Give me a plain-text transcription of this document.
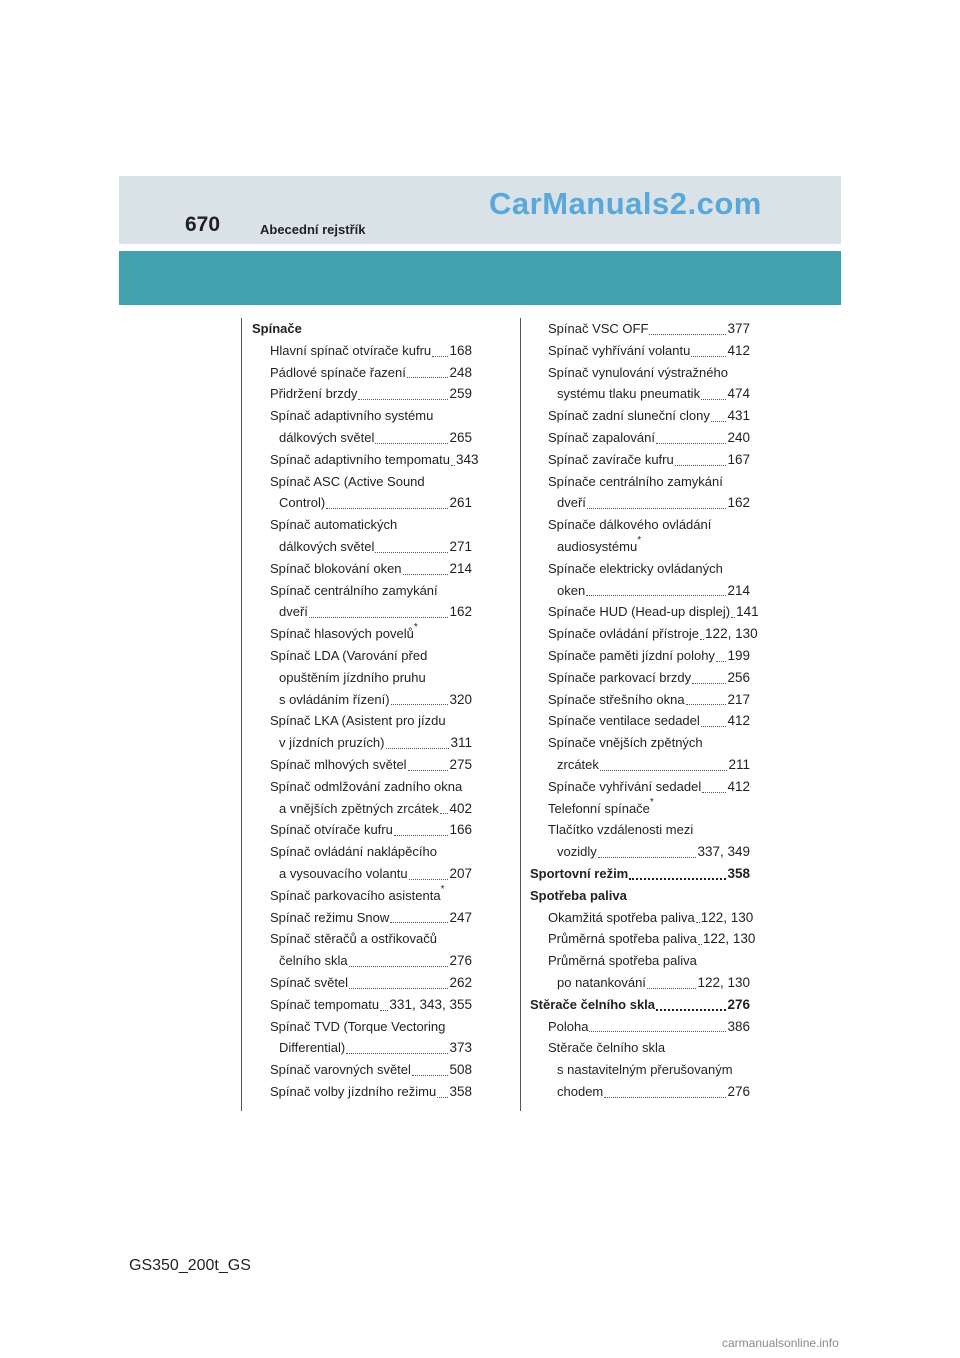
670	Abecední rejstřík
CarManuals2.com
Spínače
Hlavní spínač otvírače kufru 168
Pádlové spínače řazení	248
Přidržení brzdy	259
Spínač adaptivního systému
dálkových světel	265
Spínač adaptivního tempomatu 343
Spínač ASC (Active Sound
Control)	261
Spínač automatických
dálkových světel	271
Spínač blokování oken	214
Spínač centrálního zamykání
dveří	162
Spínač hlasových povelů *
Spínač LDA (Varování před
opuštěním jízdního pruhu
s ovládáním řízení)	320
Spínač LKA (Asistent pro jízdu
v jízdních pruzích)	311
Spínač mlhových světel	275
Spínač odmlžování zadního okna
a vnějších zpětných zrcátek 402
Spínač otvírače kufru	166
Spínač ovládání naklápěcího
a vysouvacího volantu	207
Spínač parkovacího asistenta *
Spínač režimu Snow	247
Spínač stěračů a ostřikovačů
čelního skla	276
Spínač světel	262
Spínač tempomatu 331, 343, 355
Spínač TVD (Torque Vectoring
Differential)	373
Spínač varovných světel	508
Spínač volby jízdního režimu 358
Spínač VSC OFF	377
Spínač vyhřívání volantu	412
Spínač vynulování výstražného
systému tlaku pneumatik 474
Spínač zadní sluneční clony 431
Spínač zapalování	240
Spínač zavírače kufru	167
Spínače centrálního zamykání
dveří	162
Spínače dálkového ovládání
audiosystému *
Spínače elektricky ovládaných
oken	214
Spínače HUD (Head-up displej) 141
Spínače ovládání přístroje 122, 130
Spínače paměti jízdní polohy 199
Spínače parkovací brzdy	256
Spínače střešního okna	217
Spínače ventilace sedadel 412
Spínače vnějších zpětných
zrcátek	211
Spínače vyhřívání sedadel 412
Telefonní spínače *
Tlačítko vzdálenosti mezi
vozidly	337, 349
Sportovní režim	358
Spotřeba paliva
Okamžitá spotřeba paliva 122, 130
Průměrná spotřeba paliva 122, 130
Průměrná spotřeba paliva
po natankování	122, 130
Stěrače čelního skla	276
Poloha	386
Stěrače čelního skla
s nastavitelným přerušovaným
chodem	276
GS350_200t_GS
carmanualsonline.info
